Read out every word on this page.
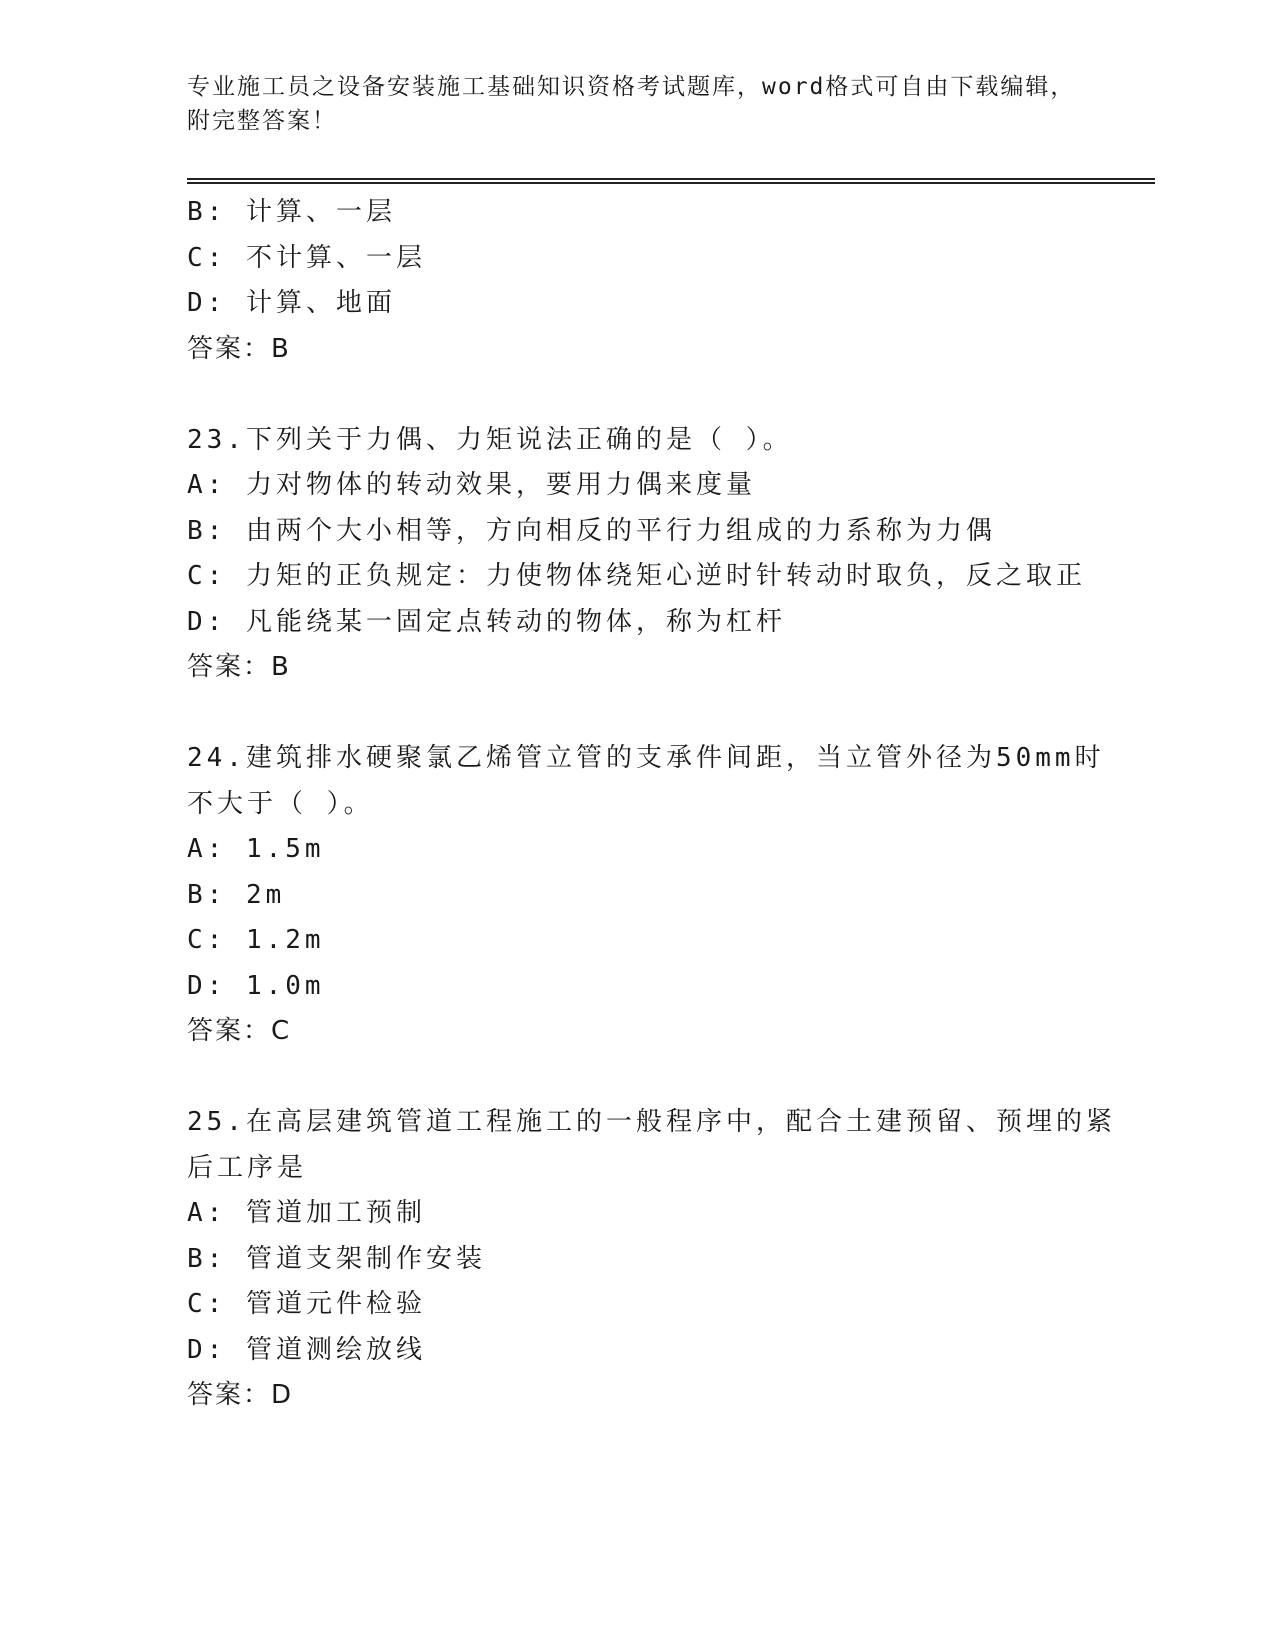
专业施工员之设备安装施工基础知识资格考试题库，word格式可自由下载编辑，
附完整答案！
B: 计算、一层
C: 不计算、一层
D: 计算、地面
答案：B
23.下列关于力偶、力矩说法正确的是（ ）。
A: 力对物体的转动效果，要用力偶来度量
B: 由两个大小相等，方向相反的平行力组成的力系称为力偶
C: 力矩的正负规定：力使物体绕矩心逆时针转动时取负，反之取正
D: 凡能绕某一固定点转动的物体，称为杠杆
答案：B
24.建筑排水硬聚氯乙烯管立管的支承件间距，当立管外径为50mm时
不大于（ ）。
A: 1.5m
B: 2m
C: 1.2m
D: 1.0m
答案：C
25.在高层建筑管道工程施工的一般程序中，配合土建预留、预埋的紧
后工序是
A: 管道加工预制
B: 管道支架制作安装
C: 管道元件检验
D: 管道测绘放线
答案：D
